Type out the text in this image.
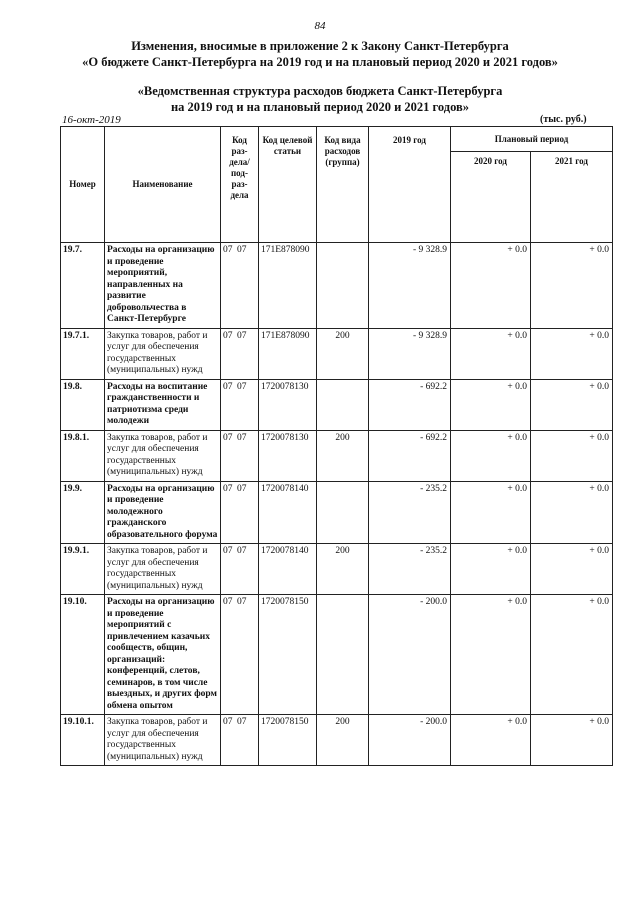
84
Изменения, вносимые в приложение 2 к Закону Санкт-Петербурга
«О бюджете Санкт-Петербурга на 2019 год и на плановый период 2020 и 2021 годов»
«Ведомственная структура расходов бюджета Санкт-Петербурга
на 2019 год и на плановый период 2020 и 2021 годов»
16-окт-2019	(тыс. руб.)
Номер	Наименование	Код раз-дела/ под-раз-дела	Код целевой статьи	Код вида расходов (группа)	2019 год	Плановый период	
						2020 год	2021 год
19.7.	Расходы на организацию и проведение мероприятий, направленных на развитие добровольчества в Санкт-Петербурге	07 07	171Е878090		- 9 328.9	+ 0.0	+ 0.0
19.7.1.	Закупка товаров, работ и услуг для обеспечения государственных (муниципальных) нужд	07 07	171Е878090	200	- 9 328.9	+ 0.0	+ 0.0
19.8.	Расходы на воспитание гражданственности и патриотизма среди молодежи	07 07	1720078130		- 692.2	+ 0.0	+ 0.0
19.8.1.	Закупка товаров, работ и услуг для обеспечения государственных (муниципальных) нужд	07 07	1720078130	200	- 692.2	+ 0.0	+ 0.0
19.9.	Расходы на организацию и проведение молодежного гражданского образовательного форума	07 07	1720078140		- 235.2	+ 0.0	+ 0.0
19.9.1.	Закупка товаров, работ и услуг для обеспечения государственных (муниципальных) нужд	07 07	1720078140	200	- 235.2	+ 0.0	+ 0.0
19.10.	Расходы на организацию и проведение мероприятий с привлечением казачьих сообществ, общин, организаций: конференций, слетов, семинаров, в том числе выездных, и других форм обмена опытом	07 07	1720078150		- 200.0	+ 0.0	+ 0.0
19.10.1.	Закупка товаров, работ и услуг для обеспечения государственных (муниципальных) нужд	07 07	1720078150	200	- 200.0	+ 0.0	+ 0.0
